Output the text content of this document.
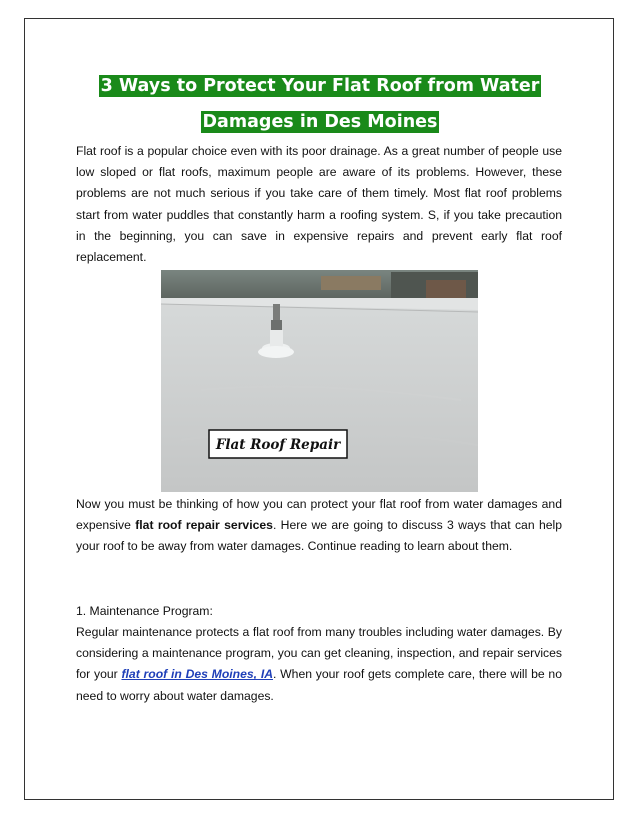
3 Ways to Protect Your Flat Roof from Water
Damages in Des Moines
Flat roof is a popular choice even with its poor drainage. As a great number of people use low sloped or flat roofs, maximum people are aware of its problems. However, these problems are not much serious if you take care of them timely. Most flat roof problems start from water puddles that constantly harm a roofing system. S, if you take precaution in the beginning, you can save in expensive repairs and prevent early flat roof replacement.
Flat Roof Repair
Now you must be thinking of how you can protect your flat roof from water damages and expensive flat roof repair services. Here we are going to discuss 3 ways that can help your roof to be away from water damages. Continue reading to learn about them.
1. Maintenance Program:
Regular maintenance protects a flat roof from many troubles including water damages. By considering a maintenance program, you can get cleaning, inspection, and repair services for your flat roof in Des Moines, IA. When your roof gets complete care, there will be no need to worry about water damages.
